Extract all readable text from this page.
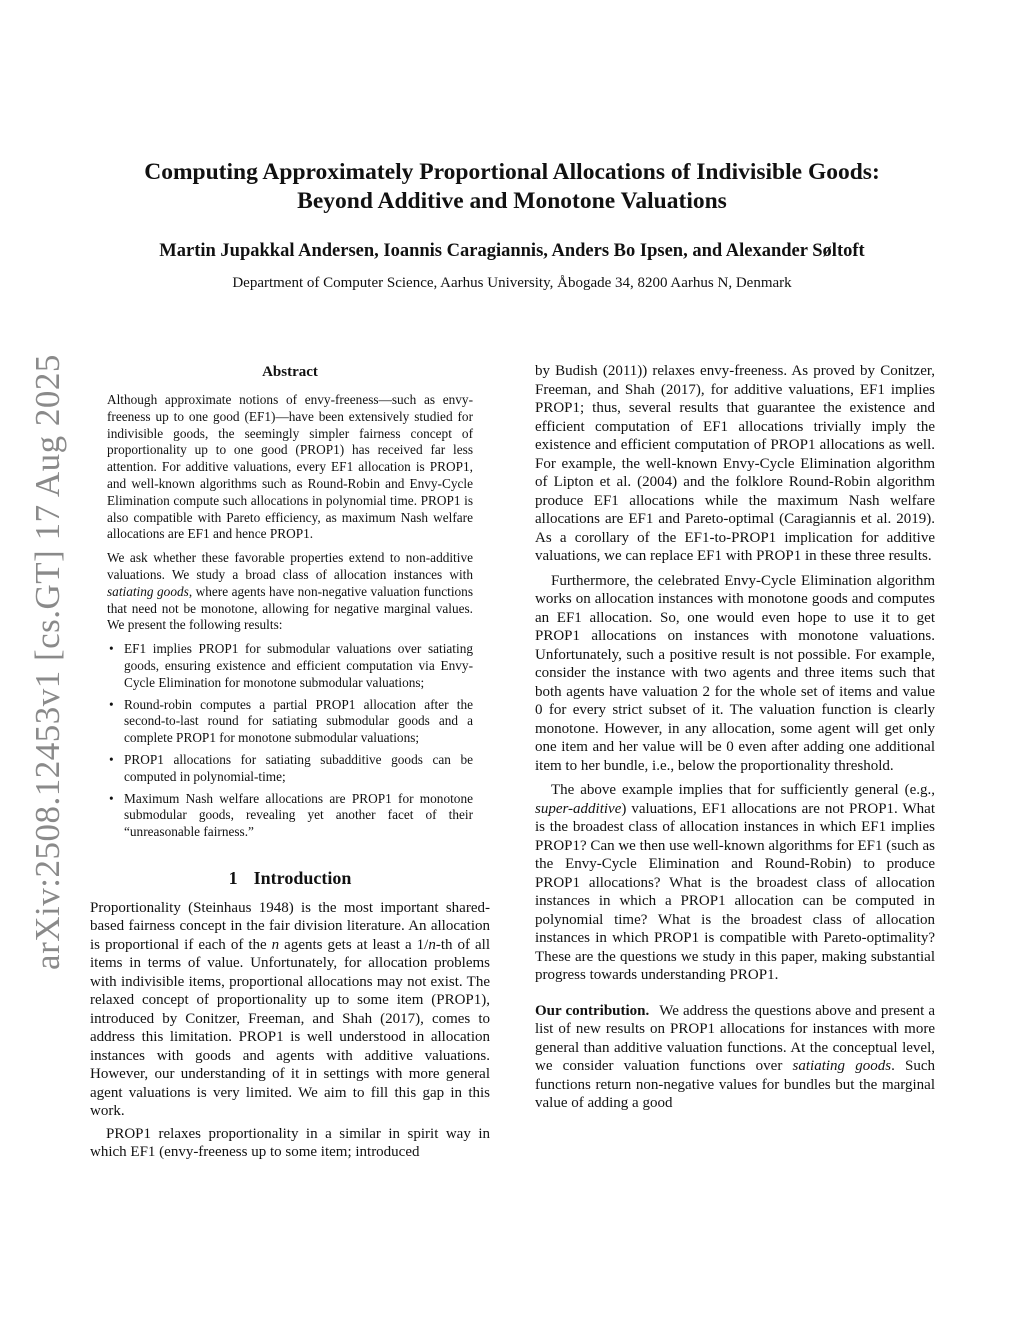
arXiv:2508.12453v1 [cs.GT] 17 Aug 2025
Computing Approximately Proportional Allocations of Indivisible Goods:
Beyond Additive and Monotone Valuations
Martin Jupakkal Andersen, Ioannis Caragiannis, Anders Bo Ipsen, and Alexander Søltoft
Department of Computer Science, Aarhus University, Åbogade 34, 8200 Aarhus N, Denmark
Abstract

Although approximate notions of envy-freeness—such as envy-freeness up to one good (EF1)—have been extensively studied for indivisible goods, the seemingly simpler fairness concept of proportionality up to one good (PROP1) has received far less attention. For additive valuations, every EF1 allocation is PROP1, and well-known algorithms such as Round-Robin and Envy-Cycle Elimination compute such allocations in polynomial time. PROP1 is also compatible with Pareto efficiency, as maximum Nash welfare allocations are EF1 and hence PROP1.

We ask whether these favorable properties extend to non-additive valuations. We study a broad class of allocation instances with satiating goods, where agents have non-negative valuation functions that need not be monotone, allowing for negative marginal values. We present the following results:

• EF1 implies PROP1 for submodular valuations over satiating goods, ensuring existence and efficient computation via Envy-Cycle Elimination for monotone submodular valuations;
• Round-robin computes a partial PROP1 allocation after the second-to-last round for satiating submodular goods and a complete PROP1 for monotone submodular valuations;
• PROP1 allocations for satiating subadditive goods can be computed in polynomial-time;
• Maximum Nash welfare allocations are PROP1 for monotone submodular goods, revealing yet another facet of their “unreasonable fairness.”
1 Introduction

Proportionality (Steinhaus 1948) is the most important shared-based fairness concept in the fair division literature. An allocation is proportional if each of the n agents gets at least a 1/n-th of all items in terms of value. Unfortunately, for allocation problems with indivisible items, proportional allocations may not exist. The relaxed concept of proportionality up to some item (PROP1), introduced by Conitzer, Freeman, and Shah (2017), comes to address this limitation. PROP1 is well understood in allocation instances with goods and agents with additive valuations. However, our understanding of it in settings with more general agent valuations is very limited. We aim to fill this gap in this work.

PROP1 relaxes proportionality in a similar in spirit way in which EF1 (envy-freeness up to some item; introduced

by Budish (2011)) relaxes envy-freeness. As proved by Conitzer, Freeman, and Shah (2017), for additive valuations, EF1 implies PROP1; thus, several results that guarantee the existence and efficient computation of EF1 allocations trivially imply the existence and efficient computation of PROP1 allocations as well. For example, the well-known Envy-Cycle Elimination algorithm of Lipton et al. (2004) and the folklore Round-Robin algorithm produce EF1 allocations while the maximum Nash welfare allocations are EF1 and Pareto-optimal (Caragiannis et al. 2019). As a corollary of the EF1-to-PROP1 implication for additive valuations, we can replace EF1 with PROP1 in these three results.

Furthermore, the celebrated Envy-Cycle Elimination algorithm works on allocation instances with monotone goods and computes an EF1 allocation. So, one would even hope to use it to get PROP1 allocations on instances with monotone valuations. Unfortunately, such a positive result is not possible. For example, consider the instance with two agents and three items such that both agents have valuation 2 for the whole set of items and value 0 for every strict subset of it. The valuation function is clearly monotone. However, in any allocation, some agent will get only one item and her value will be 0 even after adding one additional item to her bundle, i.e., below the proportionality threshold.

The above example implies that for sufficiently general (e.g., super-additive) valuations, EF1 allocations are not PROP1. What is the broadest class of allocation instances in which EF1 implies PROP1? Can we then use well-known algorithms for EF1 (such as the Envy-Cycle Elimination and Round-Robin) to produce PROP1 allocations? What is the broadest class of allocation instances in which a PROP1 allocation can be computed in polynomial time? What is the broadest class of allocation instances in which PROP1 is compatible with Pareto-optimality? These are the questions we study in this paper, making substantial progress towards understanding PROP1.

Our contribution. We address the questions above and present a list of new results on PROP1 allocations for instances with more general than additive valuation functions. At the conceptual level, we consider valuation functions over satiating goods. Such functions return non-negative values for bundles but the marginal value of adding a good
